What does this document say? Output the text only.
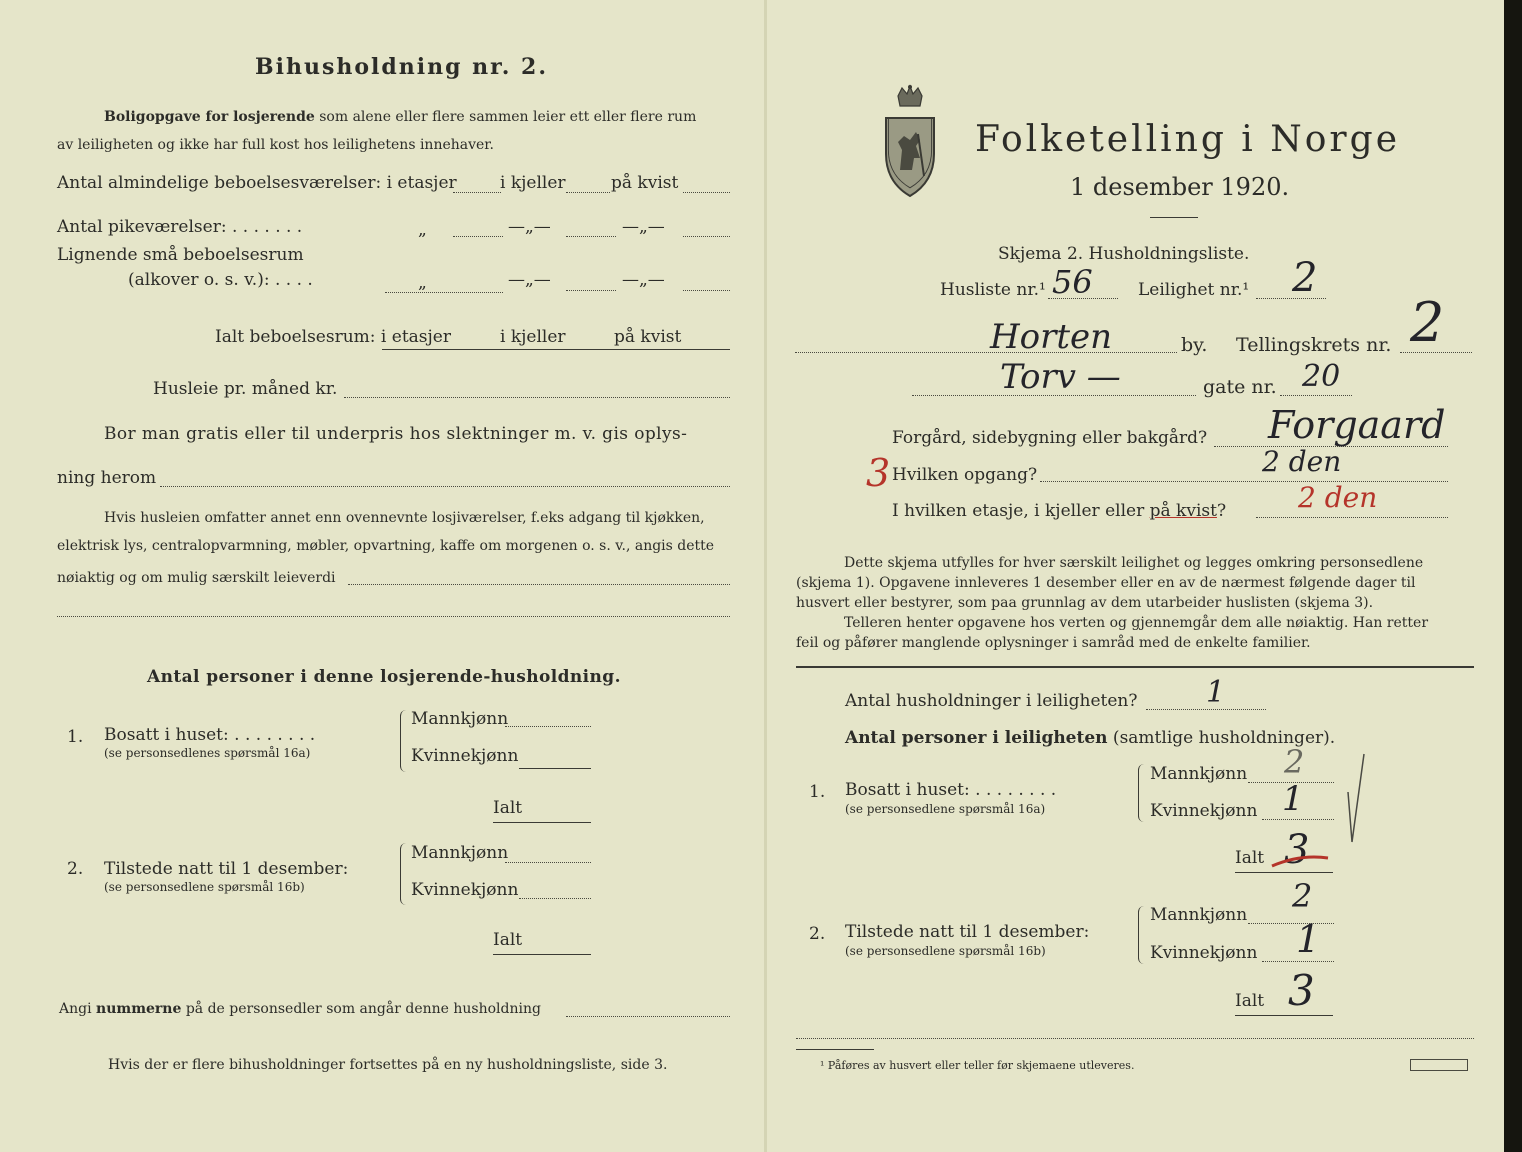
Bihusholdning nr. 2.
Boligopgave for losjerende som alene eller flere sammen leier ett eller flere rum
av leiligheten og ikke har full kost hos leilighetens innehaver.
Antal almindelige beboelsesværelser: i etasjer	i kjeller	på kvist
Antal pikeværelser: . . . . . . .	„	—„—	—„—
Lignende små beboelsesrum
(alkover o. s. v.): . . . .	„	—„—	—„—
Ialt beboelsesrum: i etasjer	i kjeller	på kvist
Husleie pr. måned kr.
Bor man gratis eller til underpris hos slektninger m. v. gis oplys-
ning herom
Hvis husleien omfatter annet enn ovennevnte losjiværelser, f.eks adgang til kjøkken,
elektrisk lys, centralopvarmning, møbler, opvartning, kaffe om morgenen o. s. v., angis dette
nøiaktig og om mulig særskilt leieverdi
Antal personer i denne losjerende-husholdning.
1. Bosatt i huset: . . . . . . . .
(se personsedlenes spørsmål 16a)
Mannkjønn
Kvinnekjønn
Ialt
2. Tilstede natt til 1 desember:
(se personsedlene spørsmål 16b)
Mannkjønn
Kvinnekjønn
Ialt
Angi nummerne på de personsedler som angår denne husholdning
Hvis der er flere bihusholdninger fortsettes på en ny husholdningsliste, side 3.
Folketelling i Norge
1 desember 1920.
Skjema 2. Husholdningsliste.
Husliste nr.¹ 56	Leilighet nr.¹ 2
Horten	by. Tellingskrets nr. 2
Torv —	gate nr. 20
Forgård, sidebygning eller bakgård? Forgaard
3 Hvilken opgang?	2 den
I hvilken etasje, i kjeller eller på kvist?	2 den
Dette skjema utfylles for hver særskilt leilighet og legges omkring personsedlene
(skjema 1). Opgavene innleveres 1 desember eller en av de nærmest følgende dager til
husvert eller bestyrer, som paa grunnlag av dem utarbeider huslisten (skjema 3).
Telleren henter opgavene hos verten og gjennemgår dem alle nøiaktig. Han retter
feil og påfører manglende oplysninger i samråd med de enkelte familier.
Antal husholdninger i leiligheten? 1
Antal personer i leiligheten (samtlige husholdninger).
1. Bosatt i huset: . . . . . . . .
(se personsedlene spørsmål 16a)
Mannkjønn 2
Kvinnekjønn 1
Ialt 3
2. Tilstede natt til 1 desember:
(se personsedlene spørsmål 16b)
Mannkjønn 2
Kvinnekjønn 1
Ialt 3
¹ Påføres av husvert eller teller før skjemaene utleveres.
